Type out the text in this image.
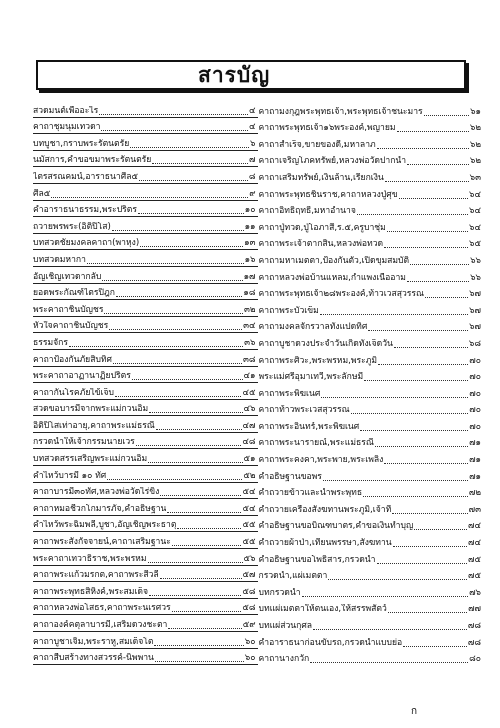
สารบัญ
สวดมนต์เพื่ออะไร	๔ คาถามงกุฎพระพุทธเจ้า,พระพุทธเจ้าชนะมาร	๖๑
คาถาชุมนุมเทวดา	๔ คาถาพระพุทธเจ้า๑๖พระองค์,พญายม	๖๒
บทบูชา,กราบพระรัตนตรัย	๖ คาถาสำเร็จ,ขายของดี,มหาลาภ	๖๒
นมัสการ,คำขอขมาพระรัตนตรัย	๗ คาถาเจริญโภคทรัพย์,หลวงพ่อวัดปากน้ำ	๖๒
ไตรสรณคมน์,อาราธนาศีล๕	๘ คาถาเสริมทรัพย์,เงินล้าน,เรียกเงิน	๖๓
ศีล๕	๙ คาถาพระพุทธชินราช,คาถาหลวงปู่ศุข	๖๔
คำอาราธนาธรรม,พระปริตร	๑๐ คาถาอิทธิฤทธิ์,มหาอำนาจ	๖๔
ถวายพรพระ(อิติปิโส)	๑๑ คาถาปู่ทวด,ปู่โอภาสี,ร.๕,ครูบาชุ่ม	๖๔
บทสวดชัยมงคลคาถา(พาหุง)	๑๓ คาถาพระเจ้าตากสิน,หลวงพ่อทวด	๖๕
บทสวดมหากา	๑๖ คาถามหาเมตตา,ป้องกันตัว,เปิดขุมสมบัติ	๖๖
อัญเชิญเทวดากลับ	๑๗ คาถาหลวงพ่อบ้านแหลม,กำแพงเนื้ออาม	๖๖
ยอดพระกัณฑ์ไตรปิฎก	๑๘ คาถาพระพุทธเจ้า๒๘พระองค์,ท้าวเวสสุวรรณ	๖๗
พระคาถาชินบัญชร	๓๒ คาถาพระบัวเข็ม	๖๗
หัวใจคาถาชินบัญชร	๓๔ คาถามงคลจักรวาลทั้งแปดทิศ	๖๗
ธรรมจักร	๓๖ คาถาบูชาดวงประจำวันเกิดทั้งเจ็ดวัน	๖๘
คาถาป้องกันภัยสิบทิศ	๓๘ คาถาพระศิวะ,พระพรหม,พระภูมิ	๗๐
พระคาถาอาฏานาฏิยปริตร	๔๑ พระแม่ศรีอุมาเทวี,พระลักษมี	๗๐
คาถากันโรคภัยไข้เจ็บ	๔๕ คาถาพระพิฆเนศ	๗๐
สวดขอบารมีจากพระแม่กวนอิม	๔๖ คาถาท้าวพระเวสสุวรรณ	๗๐
อิติปิโสเท่าอายุ,คาถาพระแม่ธรณี	๔๗ คาถาพระอินทร์,พระพิฆเนศ	๗๐
กรวดน้ำให้เจ้ากรรมนายเวร	๔๘ คาถาพระนารายณ์,พระแม่ธรณี	๗๑
บทสวดสรรเสริญพระแม่กวนอิม	๕๑ คาถาพระคงคา,พระพาย,พระเพลิง	๗๑
คำไหว้บารมี ๑๐ ทัศ	๕๒ คำอธิษฐานขอพร	๗๑
คาถาบารมี๓๐ทัศ,หลวงพ่อวัดไร่ขิง	๕๔ คำถวายข้าวและน้ำพระพุทธ	๗๒
คาถาหมอชีวกโกมารภัจ,คำอธิษฐาน	๕๔ คำถวายเครื่องสังฆทานพระภูมิ,เจ้าที่	๗๓
คำไหว้พระฉิมพลี,บูชา,อัญเชิญพระธาตุ	๕๕ คำอธิษฐานขอบิณฑบาตร,คำขอเงินทำบุญ	๗๔
คาถาพระสังกัจจายน์,คาถาเสริมฐานะ	๕๕ คำถวายผ้าป่า,เทียนพรรษา,สังฆทาน	๗๔
พระคาถาเทวาธิราช,พระพรหม	๕๖ คำอธิษฐานขอโพธิสาร,กรวดน้ำ	๗๕
คาถาพระแก้วมรกต,คาถาพระสีวลี	๕๗ กรวดน้ำ,แผ่เมตตา	๗๕
คาถาพระพุทธสิหิงค์,พระสมเด็จ	๕๘ บทกรวดน้ำ	๗๖
คาถาหลวงพ่อโสธร,คาถาพระนเรศวร	๕๘ บทแผ่เมตตาให้ตนเอง,ให้สรรพสัตว์	๗๗
คาถาองค์คตุลาบารมี,เสริมดวงชะตา	๕๙ บทแผ่ส่วนกุศล	๗๘
คาถาบูชาเจิม,พระราหู,สมเด็จโต	๖๐ คำอาราธนาก่อนขับรถ,กรวดน้ำแบบย่อ	๗๘
คาถาสืบสร้างทางสวรรค์-นิพพาน	๖๐ คาถานางกวัก	๘๐
ก
